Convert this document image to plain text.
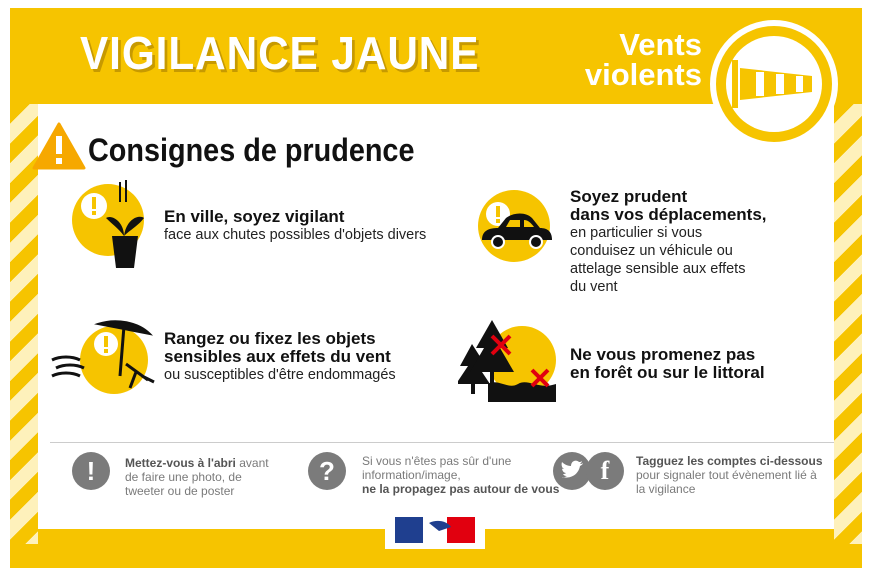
VIGILANCE JAUNE	Vents
violents
Consignes de prudence
En ville, soyez vigilant
face aux chutes possibles d'objets divers
Soyez prudent
dans vos déplacements,
en particulier si vous
conduisez un véhicule ou
attelage sensible aux effets
du vent
Rangez ou fixez les objets
sensibles aux effets du vent
ou susceptibles d'être endommagés
Ne vous promenez pas
en forêt ou sur le littoral
!	Mettez-vous à l'abri avant
de faire une photo, de
tweeter ou de poster
?	Si vous n'êtes pas sûr d'une
information/image,
ne la propagez pas autour de vous
f	Tagguez les comptes ci-dessous
pour signaler tout évènement lié à
la vigilance
